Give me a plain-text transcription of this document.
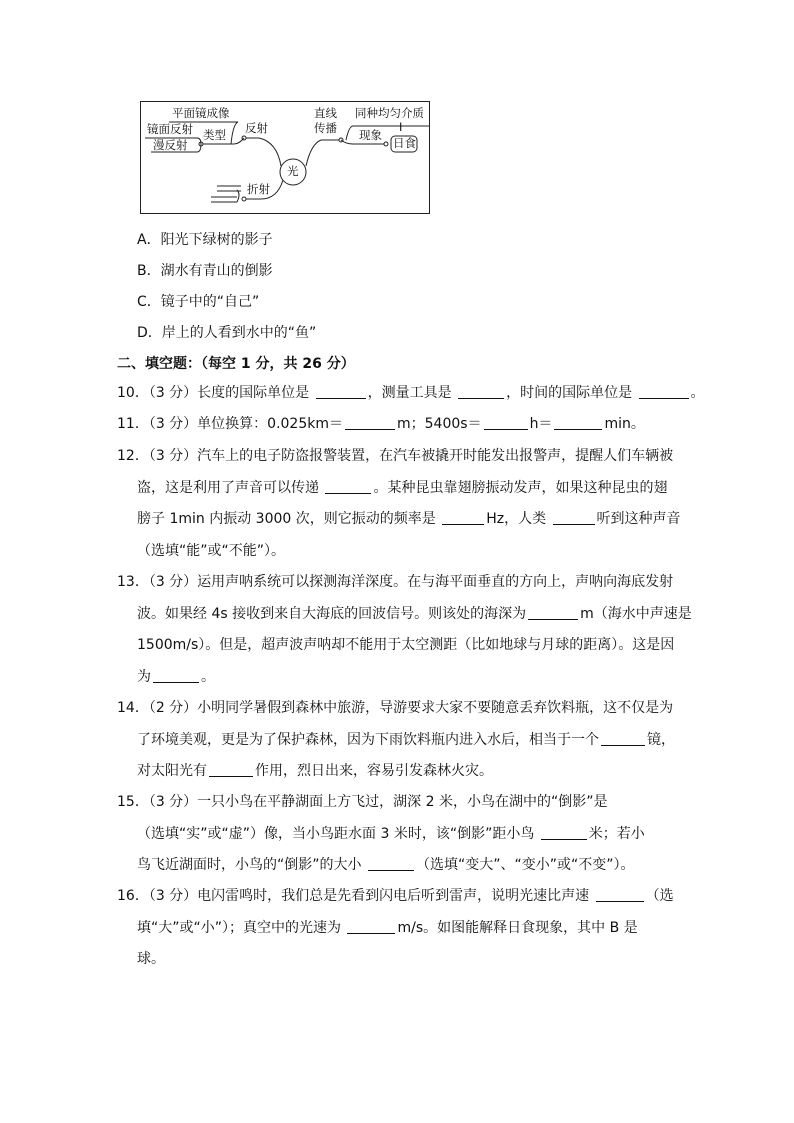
平面镜成像
镜面反射 类型
漫反射
反射
光
直线
传播
同种均匀介质
现象
I
日食
折射
A．阳光下绿树的影子
B．湖水有青山的倒影
C．镜子中的“自己”
D．岸上的人看到水中的“鱼”
二、填空题：（每空 1 分，共 26 分）

10．（3 分）长度的国际单位是	，测量工具是	，时间的国际单位是	。

11．（3 分）单位换算：0.025km＝	m；5400s＝	h＝	min。

12．（3 分）汽车上的电子防盗报警装置，在汽车被撬开时能发出报警声，提醒人们车辆被

盗，这是利用了声音可以传递	。某种昆虫靠翅膀振动发声，如果这种昆虫的翅

膀子 1min 内振动 3000 次，则它振动的频率是	Hz，人类	听到这种声音

（选填“能”或“不能”）。

13．（3 分）运用声呐系统可以探测海洋深度。在与海平面垂直的方向上，声呐向海底发射

波。如果经 4s 接收到来自大海底的回波信号。则该处的海深为	m（海水中声速是

1500m/s）。但是，超声波声呐却不能用于太空测距（比如地球与月球的距离）。这是因

为	。

14．（2 分）小明同学暑假到森林中旅游，导游要求大家不要随意丢弃饮料瓶，这不仅是为

了环境美观，更是为了保护森林，因为下雨饮料瓶内进入水后，相当于一个	镜，

对太阳光有	作用，烈日出来，容易引发森林火灾。

15．（3 分）一只小鸟在平静湖面上方飞过，湖深 2 米，小鸟在湖中的“倒影”是

（选填“实”或“虚”）像，当小鸟距水面 3 米时，该“倒影”距小鸟	米；若小

鸟飞近湖面时，小鸟的“倒影”的大小	（选填“变大”、“变小”或“不变”）。

16．（3 分）电闪雷鸣时，我们总是先看到闪电后听到雷声，说明光速比声速	（选

填“大”或“小”）；真空中的光速为	m/s。如图能解释日食现象，其中 B 是

球。
